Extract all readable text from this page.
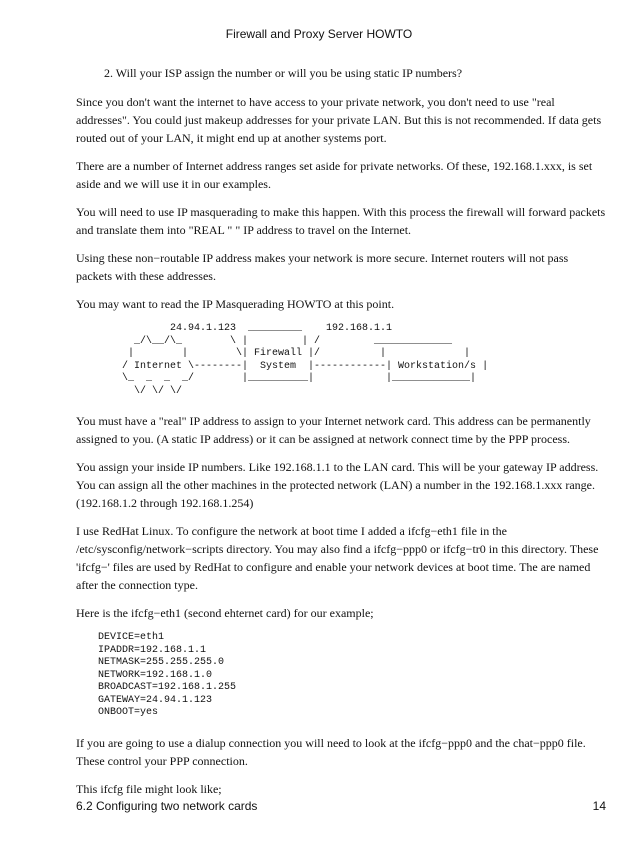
Firewall and Proxy Server HOWTO

2. Will your ISP assign the number or will you be using static IP numbers?

Since you don't want the internet to have access to your private network, you don't need to use "real addresses". You could just makeup addresses for your private LAN. But this is not recommended. If data gets routed out of your LAN, it might end up at another systems port.

There are a number of Internet address ranges set aside for private networks. Of these, 192.168.1.xxx, is set aside and we will use it in our examples.

You will need to use IP masquerading to make this happen. With this process the firewall will forward packets and translate them into "REAL " " IP address to travel on the Internet.

Using these non−routable IP address makes your network is more secure. Internet routers will not pass packets with these addresses.

You may want to read the IP Masquerading HOWTO at this point.

24.94.1.123  _________    192.168.1.1
_/\__/\_        \ |         | /         _____________
|        |        \| Firewall |/          |             |
/ Internet \--------|  System  |------------| Workstation/s |
\_  _  _  _/        |__________|            |_____________|
\/ \/ \/

You must have a "real" IP address to assign to your Internet network card. This address can be permanently assigned to you. (A static IP address) or it can be assigned at network connect time by the PPP process.

You assign your inside IP numbers. Like 192.168.1.1 to the LAN card. This will be your gateway IP address. You can assign all the other machines in the protected network (LAN) a number in the 192.168.1.xxx range. (192.168.1.2 through 192.168.1.254)

I use RedHat Linux. To configure the network at boot time I added a ifcfg−eth1 file in the /etc/sysconfig/network−scripts directory. You may also find a ifcfg−ppp0 or ifcfg−tr0 in this directory. These 'ifcfg−' files are used by RedHat to configure and enable your network devices at boot time. The are named after the connection type.

Here is the ifcfg−eth1 (second ehternet card) for our example;

DEVICE=eth1
IPADDR=192.168.1.1
NETMASK=255.255.255.0
NETWORK=192.168.1.0
BROADCAST=192.168.1.255
GATEWAY=24.94.1.123
ONBOOT=yes

If you are going to use a dialup connection you will need to look at the ifcfg−ppp0 and the chat−ppp0 file. These control your PPP connection.

This ifcfg file might look like;

6.2 Configuring two network cards	14
